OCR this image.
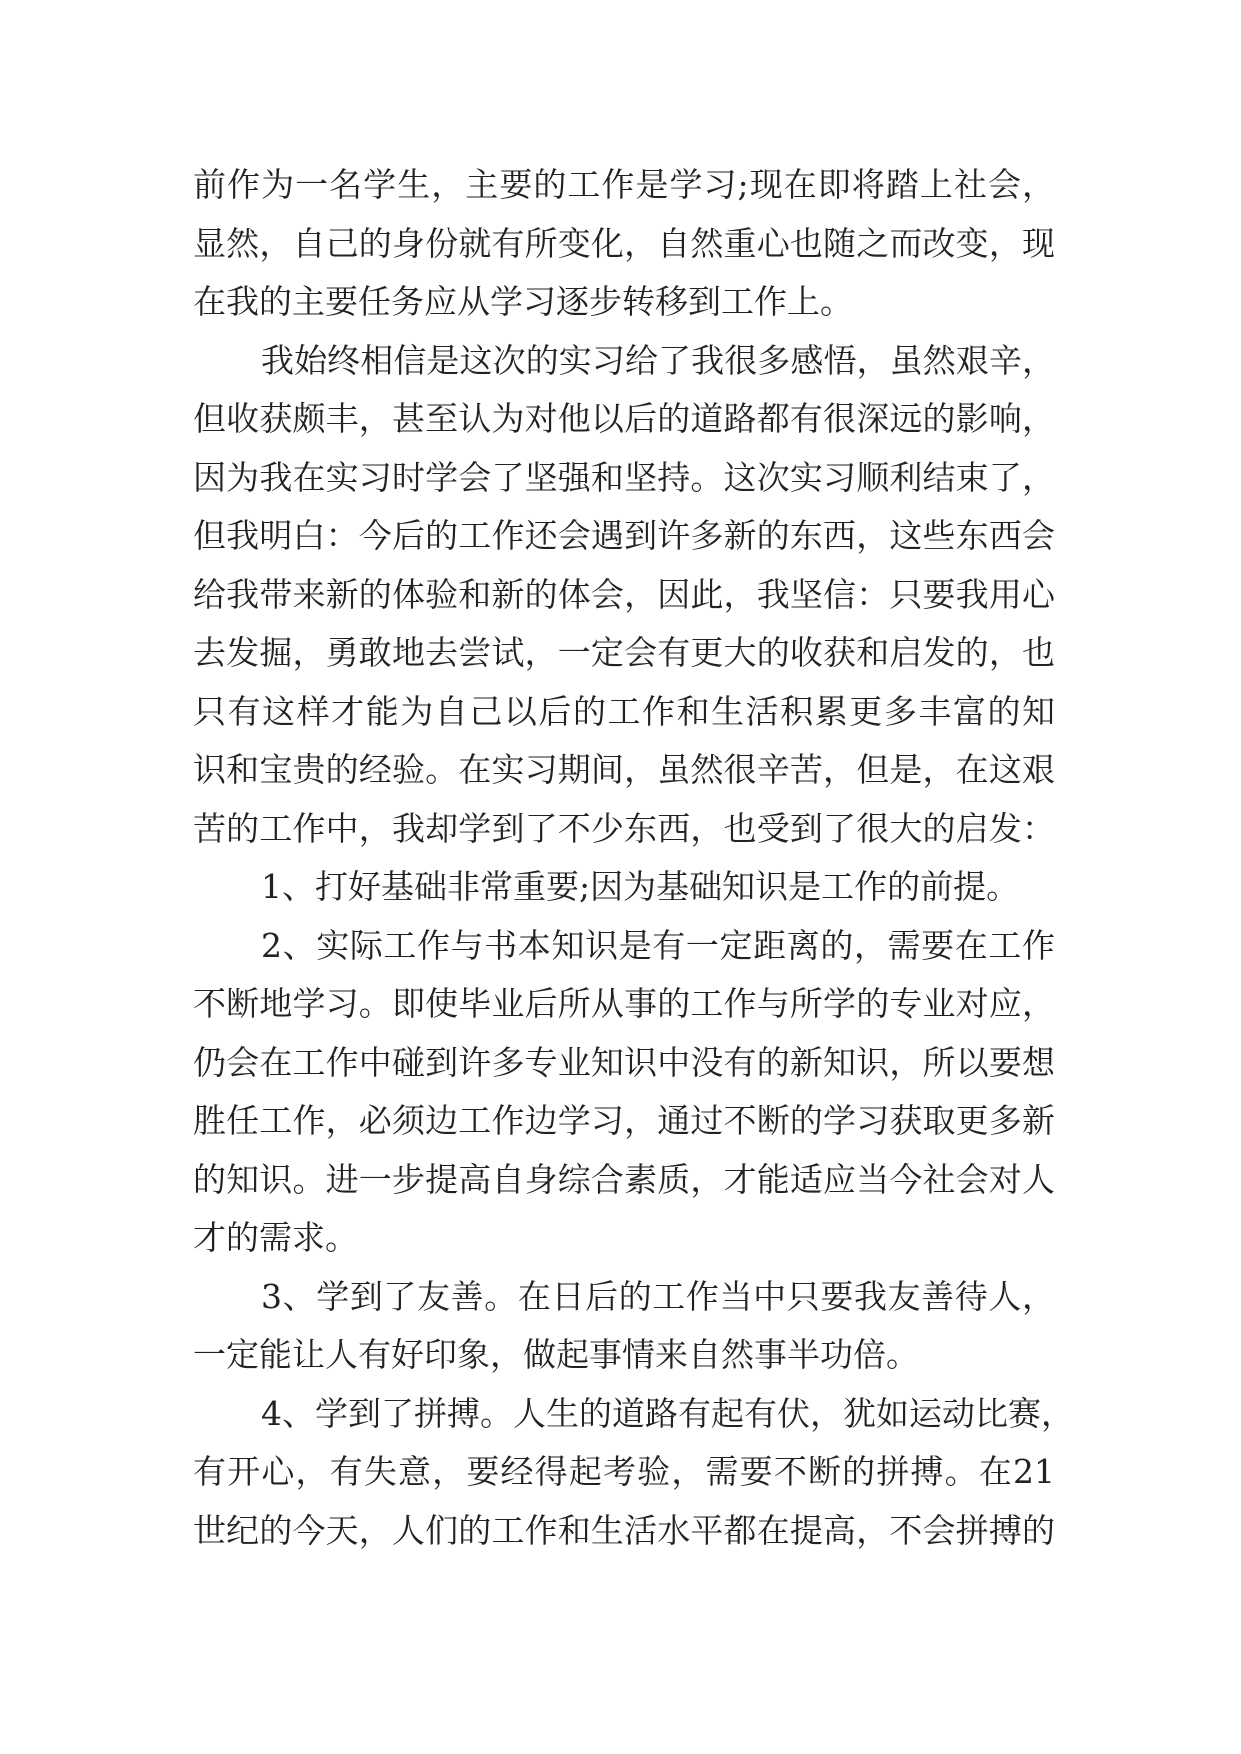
前作为一名学生，主要的工作是学习;现在即将踏上社会，
显然，自己的身份就有所变化，自然重心也随之而改变，现
在我的主要任务应从学习逐步转移到工作上。
我始终相信是这次的实习给了我很多感悟，虽然艰辛，
但收获颇丰，甚至认为对他以后的道路都有很深远的影响，
因为我在实习时学会了坚强和坚持。这次实习顺利结束了，
但我明白：今后的工作还会遇到许多新的东西，这些东西会
给我带来新的体验和新的体会，因此，我坚信：只要我用心
去发掘，勇敢地去尝试，一定会有更大的收获和启发的，也
只有这样才能为自己以后的工作和生活积累更多丰富的知
识和宝贵的经验。在实习期间，虽然很辛苦，但是，在这艰
苦的工作中，我却学到了不少东西，也受到了很大的启发：
1、打好基础非常重要;因为基础知识是工作的前提。
2、实际工作与书本知识是有一定距离的，需要在工作
不断地学习。即使毕业后所从事的工作与所学的专业对应，
仍会在工作中碰到许多专业知识中没有的新知识，所以要想
胜任工作，必须边工作边学习，通过不断的学习获取更多新
的知识。进一步提高自身综合素质，才能适应当今社会对人
才的需求。
3、学到了友善。在日后的工作当中只要我友善待人，
一定能让人有好印象，做起事情来自然事半功倍。
4、学到了拼搏。人生的道路有起有伏，犹如运动比赛，
有开心，有失意，要经得起考验，需要不断的拼搏。在21
世纪的今天，人们的工作和生活水平都在提高，不会拼搏的
